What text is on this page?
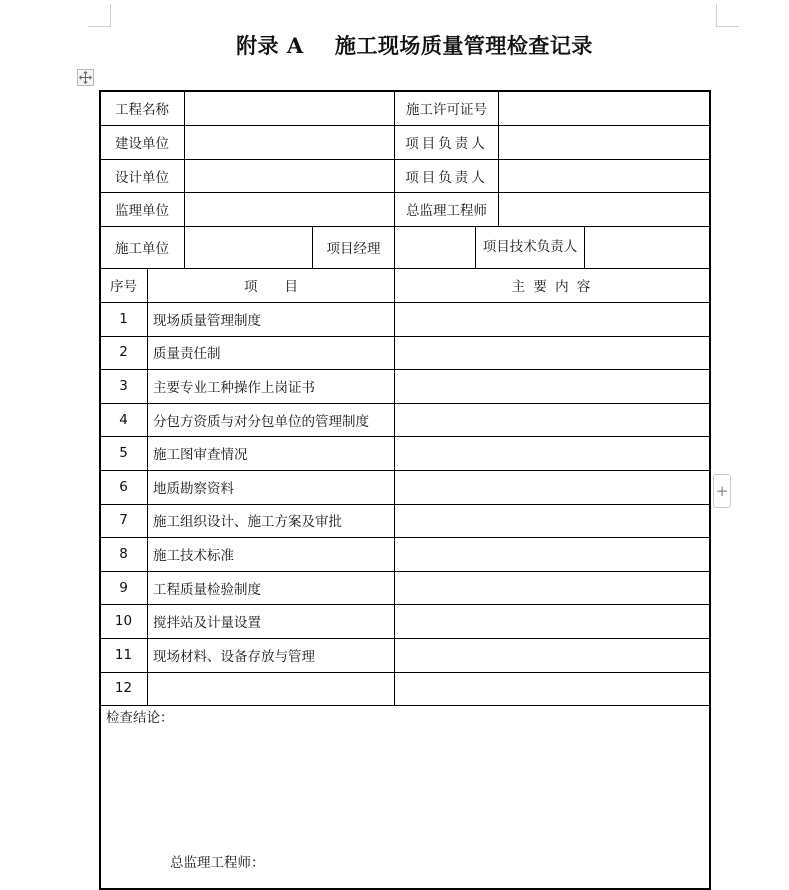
附录 A    施工现场质量管理检查记录
+
工程名称	施工许可证号
建设单位	项目负责人
设计单位	项目负责人
监理单位	总监理工程师
施工单位	项目经理	项目技术负责人
序号	项　　目	主 要 内 容
1	现场质量管理制度
2	质量责任制
3	主要专业工种操作上岗证书
4	分包方资质与对分包单位的管理制度
5	施工图审查情况
6	地质勘察资料
7	施工组织设计、施工方案及审批
8	施工技术标准
9	工程质量检验制度
10	搅拌站及计量设置
11	现场材料、设备存放与管理
12
检查结论：
总监理工程师：
